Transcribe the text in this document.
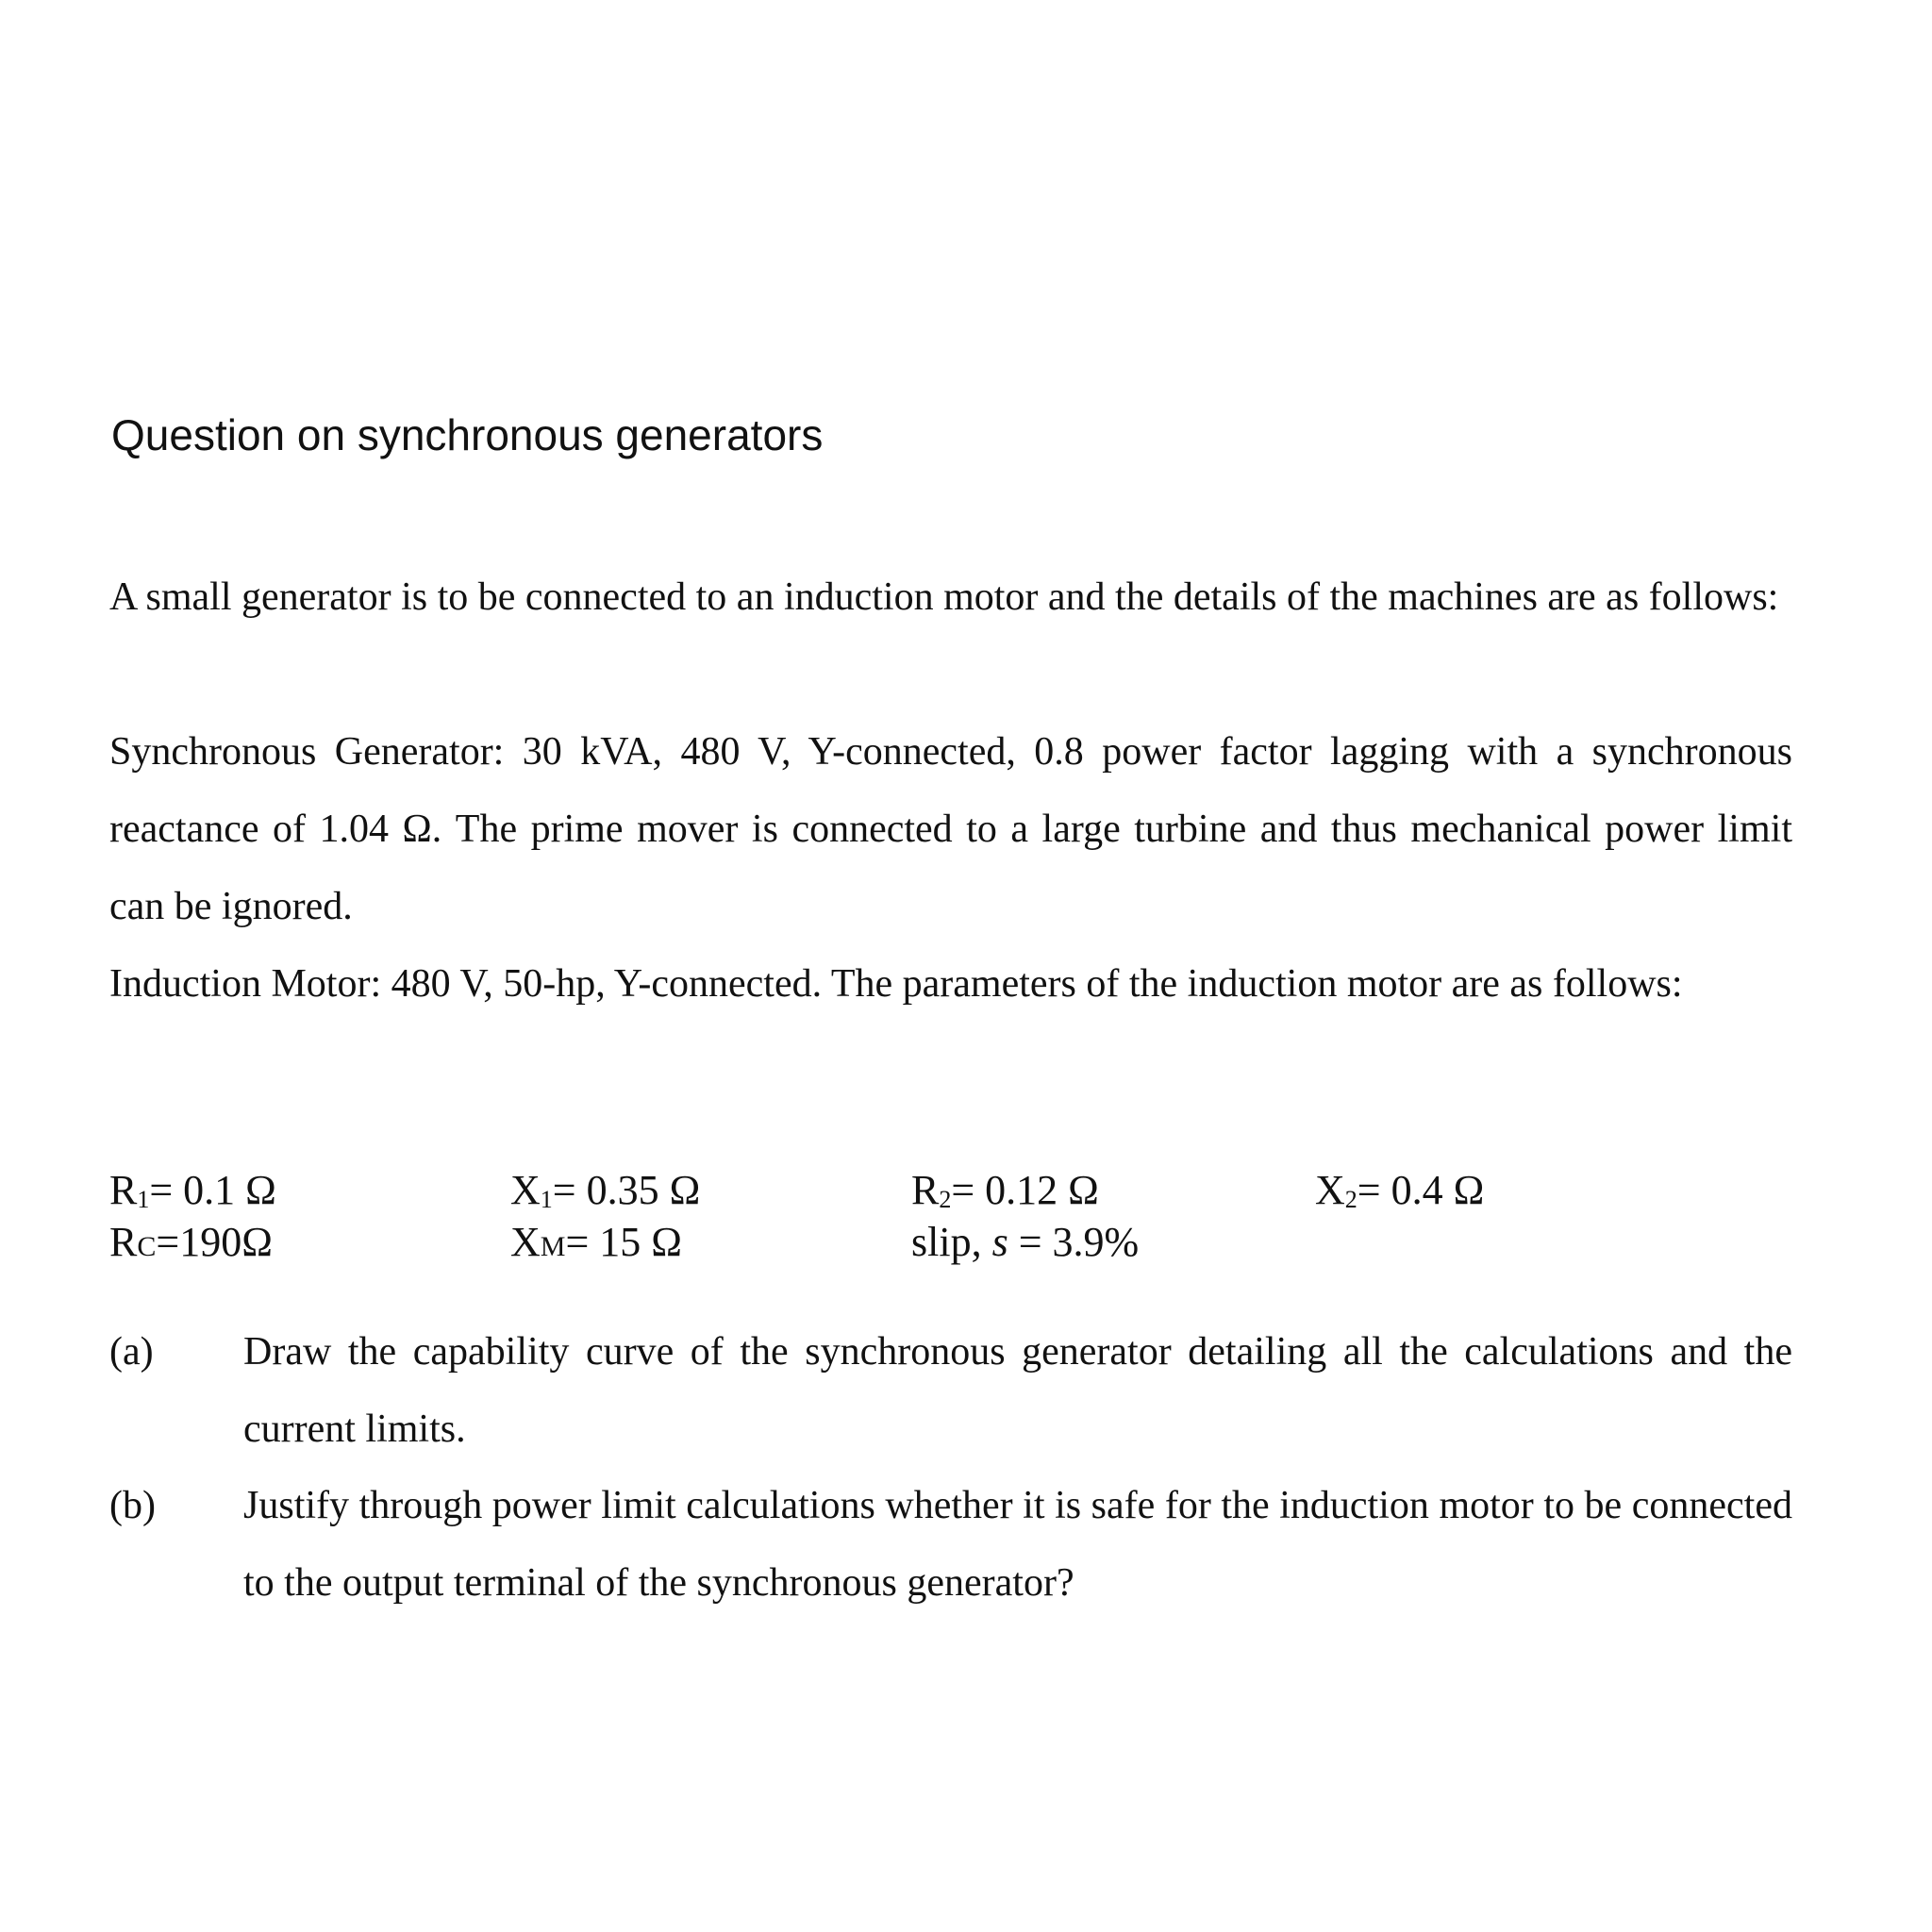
Question on synchronous generators
A small generator is to be connected to an induction motor and the details of the machines are as follows:
Synchronous Generator: 30 kVA, 480 V, Y-connected, 0.8 power factor lagging with a synchronous reactance of 1.04 Ω. The prime mover is connected to a large turbine and thus mechanical power limit can be ignored.
Induction Motor: 480 V, 50-hp, Y-connected. The parameters of the induction motor are as follows:
$R_1= 0.1$ Ω	$X_1= 0.35$ Ω	$R_2= 0.12$ Ω	$X_2= 0.4$ Ω
RC=190Ω	XM= 15 Ω	slip, s = 3.9%
(a) Draw the capability curve of the synchronous generator detailing all the calculations and the current limits.
(b) Justify through power limit calculations whether it is safe for the induction motor to be connected to the output terminal of the synchronous generator?
